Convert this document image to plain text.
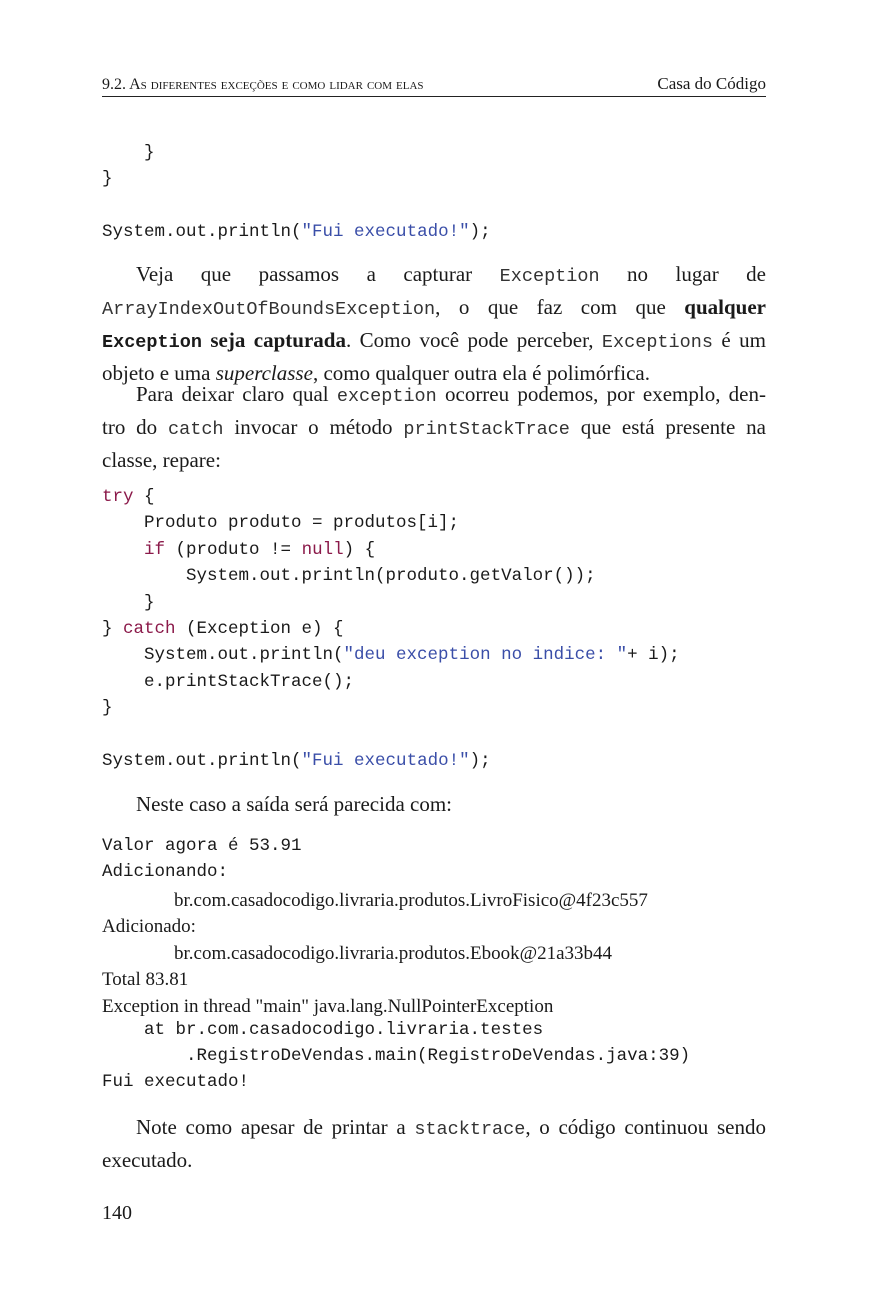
9.2. As diferentes exceções e como lidar com elas	Casa do Código
}
}

System.out.println("Fui executado!");

Veja que passamos a capturar Exception no lugar de ArrayIndexOutOfBoundsException, o que faz com que qualquer Exception seja capturada. Como você pode perceber, Exceptions é um objeto e uma superclasse, como qualquer outra ela é polimórfica.

Para deixar claro qual exception ocorreu podemos, por exemplo, den- tro do catch invocar o método printStackTrace que está presente na classe, repare:

try {
Produto produto = produtos[i];
if (produto != null) {
System.out.println(produto.getValor());
}
} catch (Exception e) {
System.out.println("deu exception no indice: "+ i);
e.printStackTrace();
}

System.out.println("Fui executado!");

Neste caso a saída será parecida com:

Valor agora é 53.91
Adicionando:
br.com.casadocodigo.livraria.produtos.LivroFisico@4f23c557
Adicionado:
br.com.casadocodigo.livraria.produtos.Ebook@21a33b44
Total 83.81
Exception in thread "main" java.lang.NullPointerException
at br.com.casadocodigo.livraria.testes
.RegistroDeVendas.main(RegistroDeVendas.java:39)
Fui executado!

Note como apesar de printar a stacktrace, o código continuou sendo executado.

140
